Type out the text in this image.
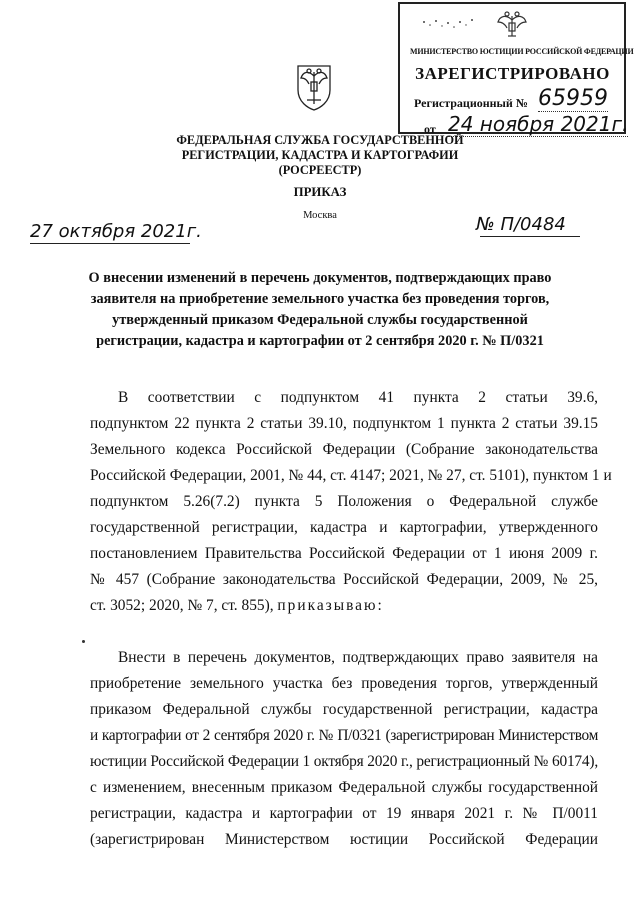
МИНИСТЕРСТВО ЮСТИЦИИ РОССИЙСКОЙ ФЕДЕРАЦИИ
ЗАРЕГИСТРИРОВАНО
Регистрационный № 65959
от 24 ноября 2021г.
ФЕДЕРАЛЬНАЯ СЛУЖБА ГОСУДАРСТВЕННОЙ
РЕГИСТРАЦИИ, КАДАСТРА И КАРТОГРАФИИ
(РОСРЕЕСТР)
ПРИКАЗ
Москва
27 октября 2021г.	№ П/0484
О внесении изменений в перечень документов, подтверждающих право
заявителя на приобретение земельного участка без проведения торгов,
утвержденный приказом Федеральной службы государственной
регистрации, кадастра и картографии от 2 сентября 2020 г. № П/0321
В соответствии с подпунктом 41 пункта 2 статьи 39.6,
подпунктом 22 пункта 2 статьи 39.10, подпунктом 1 пункта 2 статьи 39.15
Земельного кодекса Российской Федерации (Собрание законодательства
Российской Федерации, 2001, № 44, ст. 4147; 2021, № 27, ст. 5101), пунктом 1 и
подпунктом 5.26(7.2) пункта 5 Положения о Федеральной службе
государственной регистрации, кадастра и картографии, утвержденного
постановлением Правительства Российской Федерации от 1 июня 2009 г.
№ 457 (Собрание законодательства Российской Федерации, 2009, № 25,
ст. 3052; 2020, № 7, ст. 855), приказываю:
Внести в перечень документов, подтверждающих право заявителя на
приобретение земельного участка без проведения торгов, утвержденный
приказом Федеральной службы государственной регистрации, кадастра
и картографии от 2 сентября 2020 г. № П/0321 (зарегистрирован Министерством
юстиции Российской Федерации 1 октября 2020 г., регистрационный № 60174),
с изменением, внесенным приказом Федеральной службы государственной
регистрации, кадастра и картографии от 19 января 2021 г. № П/0011
(зарегистрирован Министерством юстиции Российской Федерации
